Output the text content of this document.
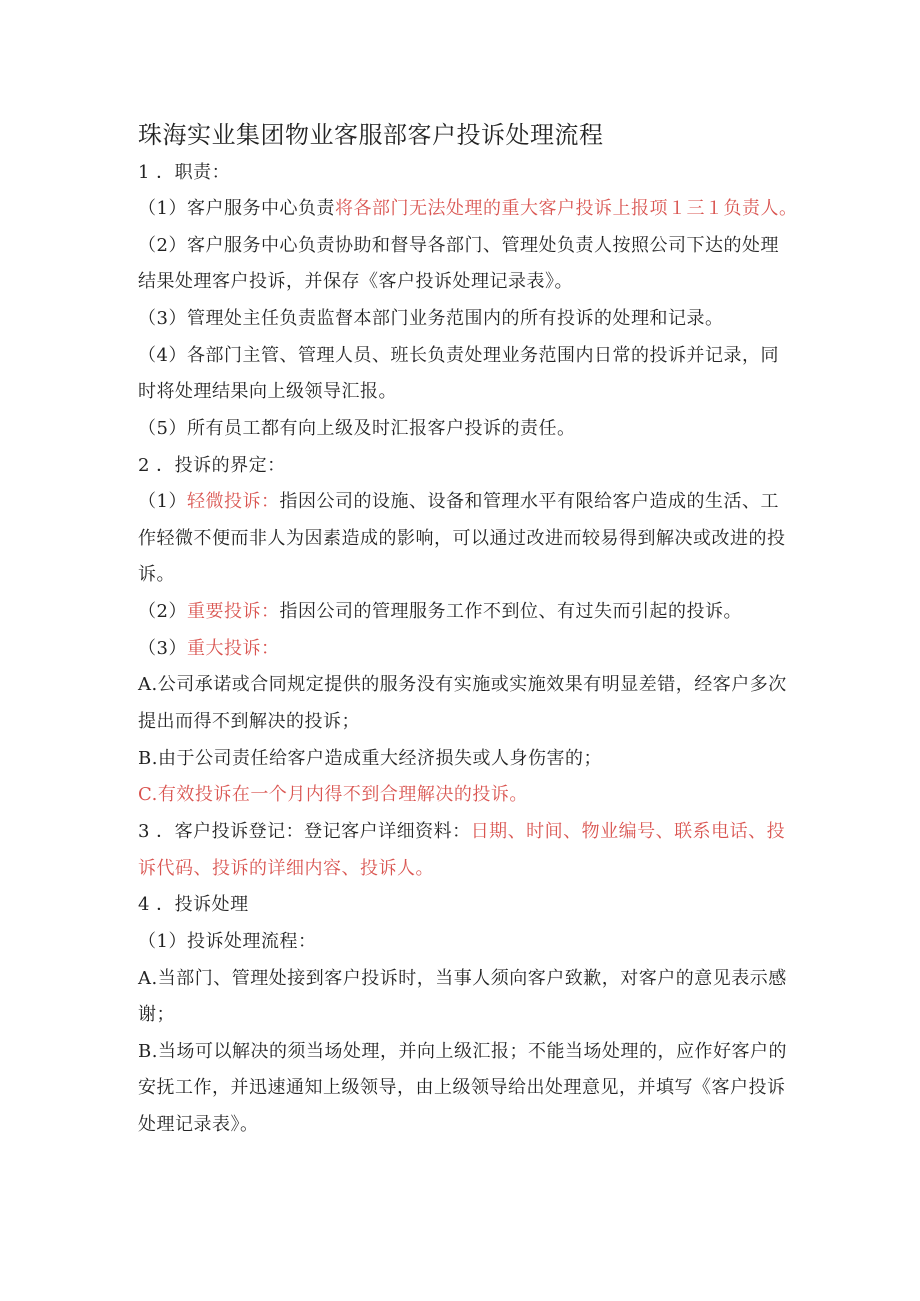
珠海实业集团物业客服部客户投诉处理流程
1 ．职责：
（1）客户服务中心负责将各部门无法处理的重大客户投诉上报项１三１负责人。
（2）客户服务中心负责协助和督导各部门、管理处负责人按照公司下达的处理
结果处理客户投诉，并保存《客户投诉处理记录表》。
（3）管理处主任负责监督本部门业务范围内的所有投诉的处理和记录。
（4）各部门主管、管理人员、班长负责处理业务范围内日常的投诉并记录，同
时将处理结果向上级领导汇报。
（5）所有员工都有向上级及时汇报客户投诉的责任。
2 ．投诉的界定：
（1）轻微投诉：指因公司的设施、设备和管理水平有限给客户造成的生活、工
作轻微不便而非人为因素造成的影响，可以通过改进而较易得到解决或改进的投
诉。
（2）重要投诉：指因公司的管理服务工作不到位、有过失而引起的投诉。
（3）重大投诉：
A.公司承诺或合同规定提供的服务没有实施或实施效果有明显差错，经客户多次
提出而得不到解决的投诉；
B.由于公司责任给客户造成重大经济损失或人身伤害的；
C.有效投诉在一个月内得不到合理解决的投诉。
3 ．客户投诉登记：登记客户详细资料：日期、时间、物业编号、联系电话、投
诉代码、投诉的详细内容、投诉人。
4 ．投诉处理
（1）投诉处理流程：
A.当部门、管理处接到客户投诉时，当事人须向客户致歉，对客户的意见表示感
谢；
B.当场可以解决的须当场处理，并向上级汇报；不能当场处理的，应作好客户的
安抚工作，并迅速通知上级领导，由上级领导给出处理意见，并填写《客户投诉
处理记录表》。
